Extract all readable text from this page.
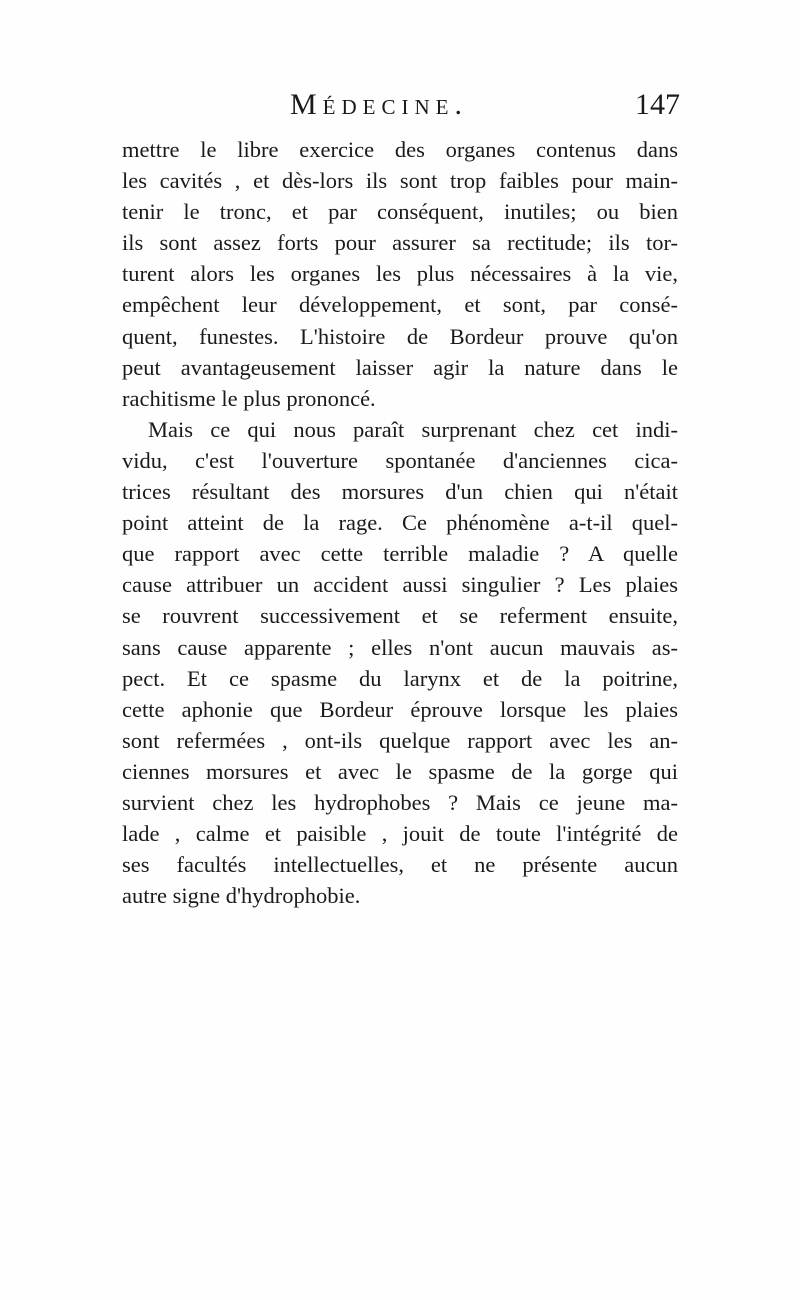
Médecine.	147
mettre le libre exercice des organes contenus dans
les cavités , et dès-lors ils sont trop faibles pour main-
tenir le tronc, et par conséquent, inutiles; ou bien
ils sont assez forts pour assurer sa rectitude; ils tor-
turent alors les organes les plus nécessaires à la vie,
empêchent leur développement, et sont, par consé-
quent, funestes. L'histoire de Bordeur prouve qu'on
peut avantageusement laisser agir la nature dans le
rachitisme le plus prononcé.
Mais ce qui nous paraît surprenant chez cet indi-
vidu, c'est l'ouverture spontanée d'anciennes cica-
trices résultant des morsures d'un chien qui n'était
point atteint de la rage. Ce phénomène a-t-il quel-
que rapport avec cette terrible maladie ? A quelle
cause attribuer un accident aussi singulier ? Les plaies
se rouvrent successivement et se referment ensuite,
sans cause apparente ; elles n'ont aucun mauvais as-
pect. Et ce spasme du larynx et de la poitrine,
cette aphonie que Bordeur éprouve lorsque les plaies
sont refermées , ont-ils quelque rapport avec les an-
ciennes morsures et avec le spasme de la gorge qui
survient chez les hydrophobes ? Mais ce jeune ma-
lade , calme et paisible , jouit de toute l'intégrité de
ses facultés intellectuelles, et ne présente aucun
autre signe d'hydrophobie.
